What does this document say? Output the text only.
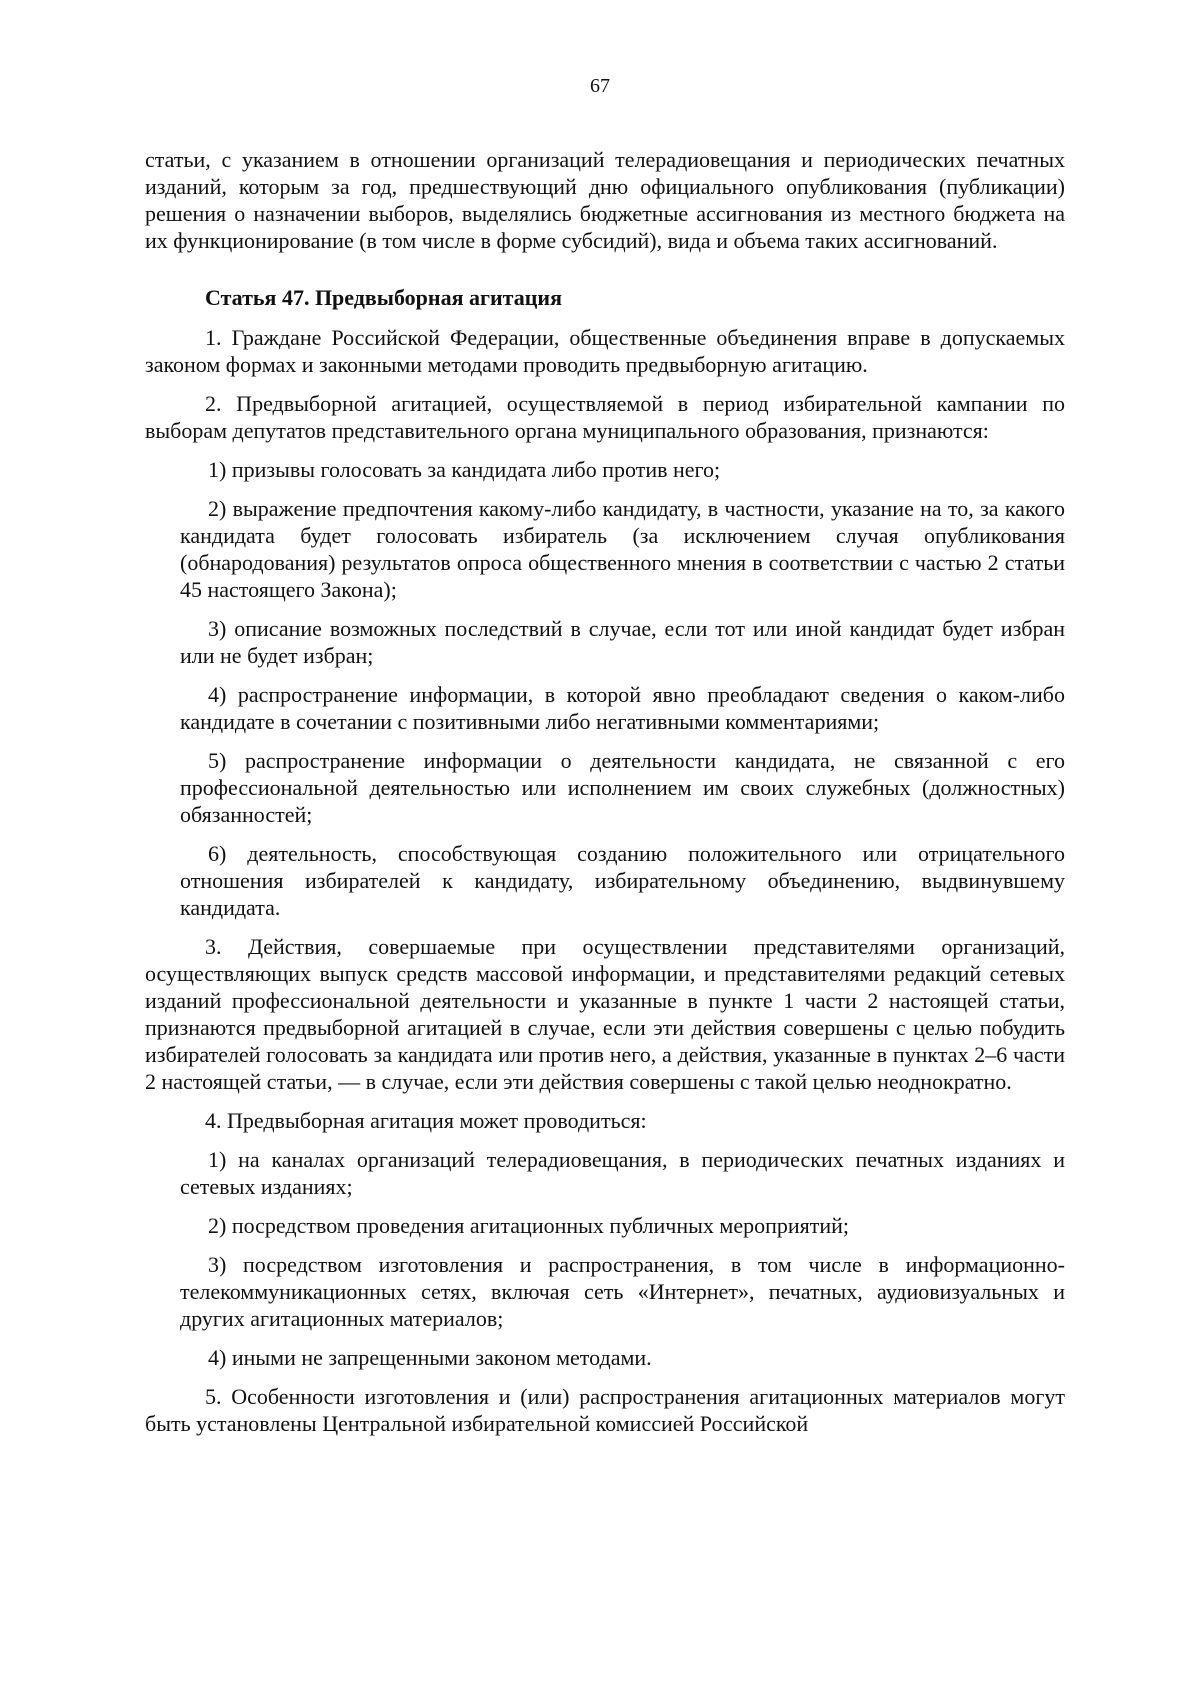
67

статьи, с указанием в отношении организаций телерадиовещания и периодических печатных изданий, которым за год, предшествующий дню официального опубликования (публикации) решения о назначении выборов, выделялись бюджетные ассигнования из местного бюджета на их функционирование (в том числе в форме субсидий), вида и объема таких ассигнований.

Статья 47. Предвыборная агитация

1. Граждане Российской Федерации, общественные объединения вправе в допускаемых законом формах и законными методами проводить предвыборную агитацию.

2. Предвыборной агитацией, осуществляемой в период избирательной кампании по выборам депутатов представительного органа муниципального образования, признаются:

1) призывы голосовать за кандидата либо против него;

2) выражение предпочтения какому-либо кандидату, в частности, указание на то, за какого кандидата будет голосовать избиратель (за исключением случая опубликования (обнародования) результатов опроса общественного мнения в соответствии с частью 2 статьи 45 настоящего Закона);

3) описание возможных последствий в случае, если тот или иной кандидат будет избран или не будет избран;

4) распространение информации, в которой явно преобладают сведения о каком-либо кандидате в сочетании с позитивными либо негативными комментариями;

5) распространение информации о деятельности кандидата, не связанной с его профессиональной деятельностью или исполнением им своих служебных (должностных) обязанностей;

6) деятельность, способствующая созданию положительного или отрицательного отношения избирателей к кандидату, избирательному объединению, выдвинувшему кандидата.

3. Действия, совершаемые при осуществлении представителями организаций, осуществляющих выпуск средств массовой информации, и представителями редакций сетевых изданий профессиональной деятельности и указанные в пункте 1 части 2 настоящей статьи, признаются предвыборной агитацией в случае, если эти действия совершены с целью побудить избирателей голосовать за кандидата или против него, а действия, указанные в пунктах 2–6 части 2 настоящей статьи, — в случае, если эти действия совершены с такой целью неоднократно.

4. Предвыборная агитация может проводиться:

1) на каналах организаций телерадиовещания, в периодических печатных изданиях и сетевых изданиях;

2) посредством проведения агитационных публичных мероприятий;

3) посредством изготовления и распространения, в том числе в информационно-телекоммуникационных сетях, включая сеть «Интернет», печатных, аудиовизуальных и других агитационных материалов;

4) иными не запрещенными законом методами.

5. Особенности изготовления и (или) распространения агитационных материалов могут быть установлены Центральной избирательной комиссией Российской
